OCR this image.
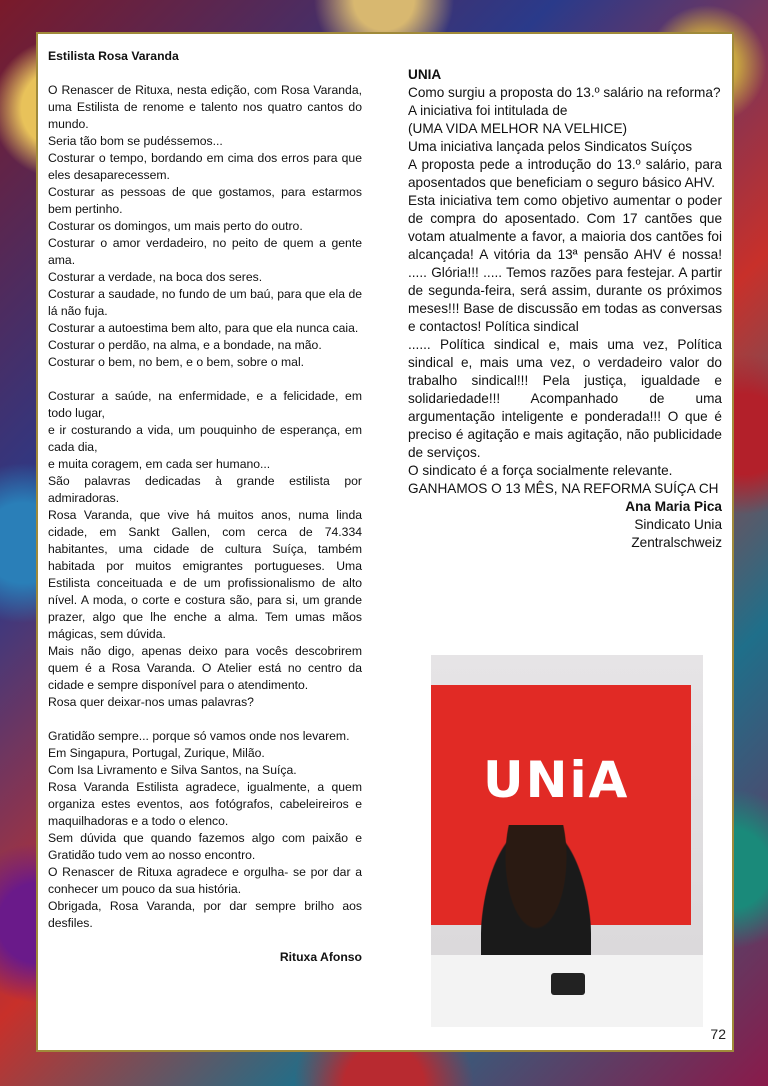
Estilista Rosa Varanda

O Renascer de Rituxa, nesta edição, com Rosa Varanda, uma Estilista de renome e talento nos quatro cantos do mundo.

Seria tão bom se pudéssemos...

Costurar o tempo, bordando em cima dos erros para que eles desaparecessem.

Costurar as pessoas de que gostamos, para estarmos bem pertinho.

Costurar os domingos, um mais perto do outro.

Costurar o amor verdadeiro, no peito de quem a gente ama.

Costurar a verdade, na boca dos seres.

Costurar a saudade, no fundo de um baú, para que ela de lá não fuja.

Costurar a autoestima bem alto, para que ela nunca caia.

Costurar o perdão, na alma, e a bondade, na mão.

Costurar o bem, no bem, e o bem, sobre o mal.

Costurar a saúde, na enfermidade, e a felicidade, em todo lugar,

e ir costurando a vida, um pouquinho de esperança, em cada dia,

e muita coragem, em cada ser humano...

São palavras dedicadas à grande estilista por admiradoras.

Rosa Varanda, que vive há muitos anos, numa linda cidade, em Sankt Gallen, com cerca de 74.334 habitantes, uma cidade de cultura Suíça, também habitada por muitos emigrantes portugueses. Uma Estilista conceituada e de um profissionalismo de alto nível. A moda, o corte e costura são, para si, um grande prazer, algo que lhe enche a alma. Tem umas mãos mágicas, sem dúvida.

Mais não digo, apenas deixo para vocês descobrirem quem é a Rosa Varanda. O Atelier está no centro da cidade e sempre disponível para o atendimento.

Rosa quer deixar-nos umas palavras?

Gratidão sempre... porque só vamos onde nos levarem.

Em Singapura, Portugal, Zurique, Milão.

Com Isa Livramento e Silva Santos, na Suíça.

Rosa Varanda Estilista agradece, igualmente, a quem organiza estes eventos, aos fotógrafos, cabeleireiros e maquilhadoras e a todo o elenco.

Sem dúvida que quando fazemos algo com paixão e Gratidão tudo vem ao nosso encontro.

O Renascer de Rituxa agradece e orgulha- se por dar a conhecer um pouco da sua história.

Obrigada, Rosa Varanda, por dar sempre brilho aos desfiles.

Rituxa Afonso

UNIA

Como surgiu a proposta do 13.º salário na reforma?

A iniciativa foi intitulada de

(UMA VIDA MELHOR NA VELHICE)

Uma iniciativa lançada pelos Sindicatos Suíços

A proposta pede a introdução do 13.º salário, para aposentados que beneficiam o seguro básico AHV.

Esta iniciativa tem como objetivo aumentar o poder de compra do aposentado. Com 17 cantões que votam atualmente a favor, a maioria dos cantões foi alcançada! A vitória da 13ª pensão AHV é nossa! ..... Glória!!! ..... Temos razões para festejar. A partir de segunda-feira, será assim, durante os próximos meses!!! Base de discussão em todas as conversas e contactos! Política sindical

...... Política sindical e, mais uma vez, Política sindical e, mais uma vez, o verdadeiro valor do trabalho sindical!!! Pela justiça, igualdade e solidariedade!!! Acompanhado de uma argumentação inteligente e ponderada!!! O que é preciso é agitação e mais agitação, não publicidade de serviços.

O sindicato é a força socialmente relevante.

GANHAMOS O 13 MÊS, NA REFORMA SUÍÇA CH

Ana Maria Pica

Sindicato Unia

Zentralschweiz

UNiA
72
